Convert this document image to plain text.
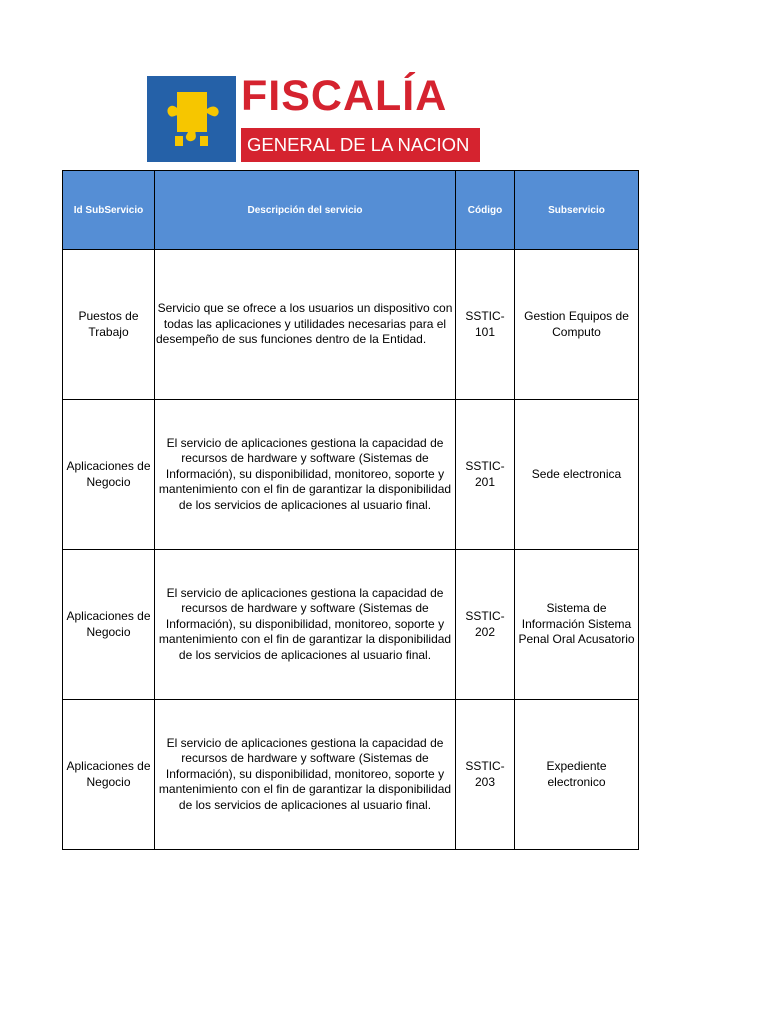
FISCALÍA
GENERAL DE LA NACION
Id SubServicio	Descripción del servicio	Código	Subservicio
Puestos de Trabajo	Servicio que se ofrece a los usuarios un dispositivo con todas las aplicaciones y utilidades necesarias para el desempeño de sus funciones dentro de la Entidad.	SSTIC-101	Gestion Equipos de Computo
Aplicaciones de Negocio	El servicio de aplicaciones gestiona la capacidad de recursos de hardware y software (Sistemas de Información), su disponibilidad, monitoreo, soporte y mantenimiento con el fin de garantizar la disponibilidad de los servicios de aplicaciones al usuario final.	SSTIC-201	Sede electronica
Aplicaciones de Negocio	El servicio de aplicaciones gestiona la capacidad de recursos de hardware y software (Sistemas de Información), su disponibilidad, monitoreo, soporte y mantenimiento con el fin de garantizar la disponibilidad de los servicios de aplicaciones al usuario final.	SSTIC-202	Sistema de Información Sistema Penal Oral Acusatorio
Aplicaciones de Negocio	El servicio de aplicaciones gestiona la capacidad de recursos de hardware y software (Sistemas de Información), su disponibilidad, monitoreo, soporte y mantenimiento con el fin de garantizar la disponibilidad de los servicios de aplicaciones al usuario final.	SSTIC-203	Expediente electronico
